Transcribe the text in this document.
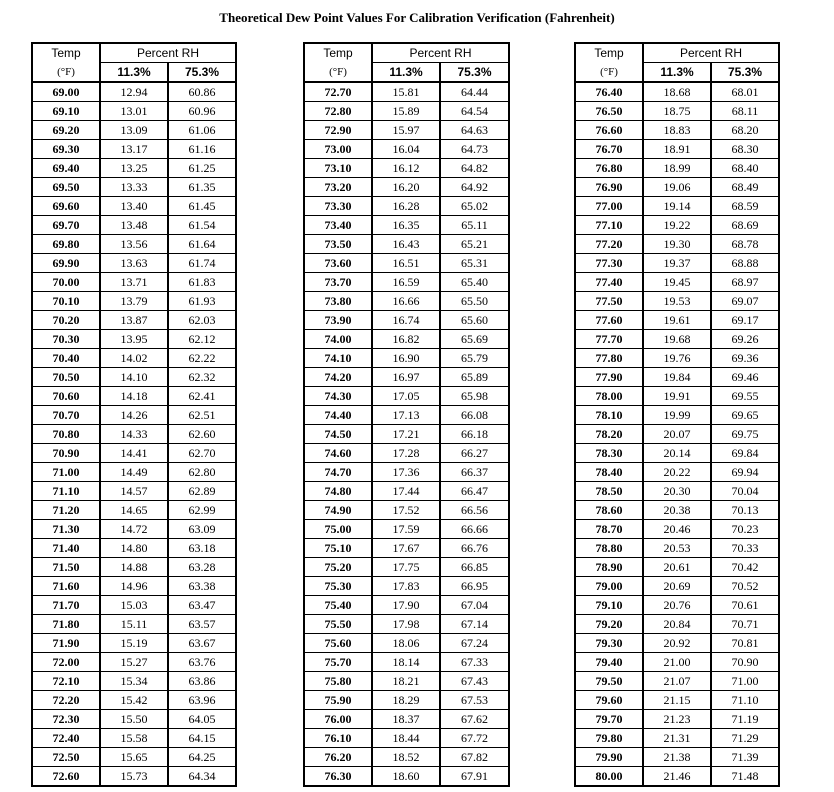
Theoretical Dew Point Values For Calibration Verification (Fahrenheit)
Temp	Percent RH	
(°F)	11.3%	75.3%
69.00	12.94	60.86
69.10	13.01	60.96
69.20	13.09	61.06
69.30	13.17	61.16
69.40	13.25	61.25
69.50	13.33	61.35
69.60	13.40	61.45
69.70	13.48	61.54
69.80	13.56	61.64
69.90	13.63	61.74
70.00	13.71	61.83
70.10	13.79	61.93
70.20	13.87	62.03
70.30	13.95	62.12
70.40	14.02	62.22
70.50	14.10	62.32
70.60	14.18	62.41
70.70	14.26	62.51
70.80	14.33	62.60
70.90	14.41	62.70
71.00	14.49	62.80
71.10	14.57	62.89
71.20	14.65	62.99
71.30	14.72	63.09
71.40	14.80	63.18
71.50	14.88	63.28
71.60	14.96	63.38
71.70	15.03	63.47
71.80	15.11	63.57
71.90	15.19	63.67
72.00	15.27	63.76
72.10	15.34	63.86
72.20	15.42	63.96
72.30	15.50	64.05
72.40	15.58	64.15
72.50	15.65	64.25
72.60	15.73	64.34
Temp	Percent RH	
(°F)	11.3%	75.3%
72.70	15.81	64.44
72.80	15.89	64.54
72.90	15.97	64.63
73.00	16.04	64.73
73.10	16.12	64.82
73.20	16.20	64.92
73.30	16.28	65.02
73.40	16.35	65.11
73.50	16.43	65.21
73.60	16.51	65.31
73.70	16.59	65.40
73.80	16.66	65.50
73.90	16.74	65.60
74.00	16.82	65.69
74.10	16.90	65.79
74.20	16.97	65.89
74.30	17.05	65.98
74.40	17.13	66.08
74.50	17.21	66.18
74.60	17.28	66.27
74.70	17.36	66.37
74.80	17.44	66.47
74.90	17.52	66.56
75.00	17.59	66.66
75.10	17.67	66.76
75.20	17.75	66.85
75.30	17.83	66.95
75.40	17.90	67.04
75.50	17.98	67.14
75.60	18.06	67.24
75.70	18.14	67.33
75.80	18.21	67.43
75.90	18.29	67.53
76.00	18.37	67.62
76.10	18.44	67.72
76.20	18.52	67.82
76.30	18.60	67.91
Temp	Percent RH	
(°F)	11.3%	75.3%
76.40	18.68	68.01
76.50	18.75	68.11
76.60	18.83	68.20
76.70	18.91	68.30
76.80	18.99	68.40
76.90	19.06	68.49
77.00	19.14	68.59
77.10	19.22	68.69
77.20	19.30	68.78
77.30	19.37	68.88
77.40	19.45	68.97
77.50	19.53	69.07
77.60	19.61	69.17
77.70	19.68	69.26
77.80	19.76	69.36
77.90	19.84	69.46
78.00	19.91	69.55
78.10	19.99	69.65
78.20	20.07	69.75
78.30	20.14	69.84
78.40	20.22	69.94
78.50	20.30	70.04
78.60	20.38	70.13
78.70	20.46	70.23
78.80	20.53	70.33
78.90	20.61	70.42
79.00	20.69	70.52
79.10	20.76	70.61
79.20	20.84	70.71
79.30	20.92	70.81
79.40	21.00	70.90
79.50	21.07	71.00
79.60	21.15	71.10
79.70	21.23	71.19
79.80	21.31	71.29
79.90	21.38	71.39
80.00	21.46	71.48
